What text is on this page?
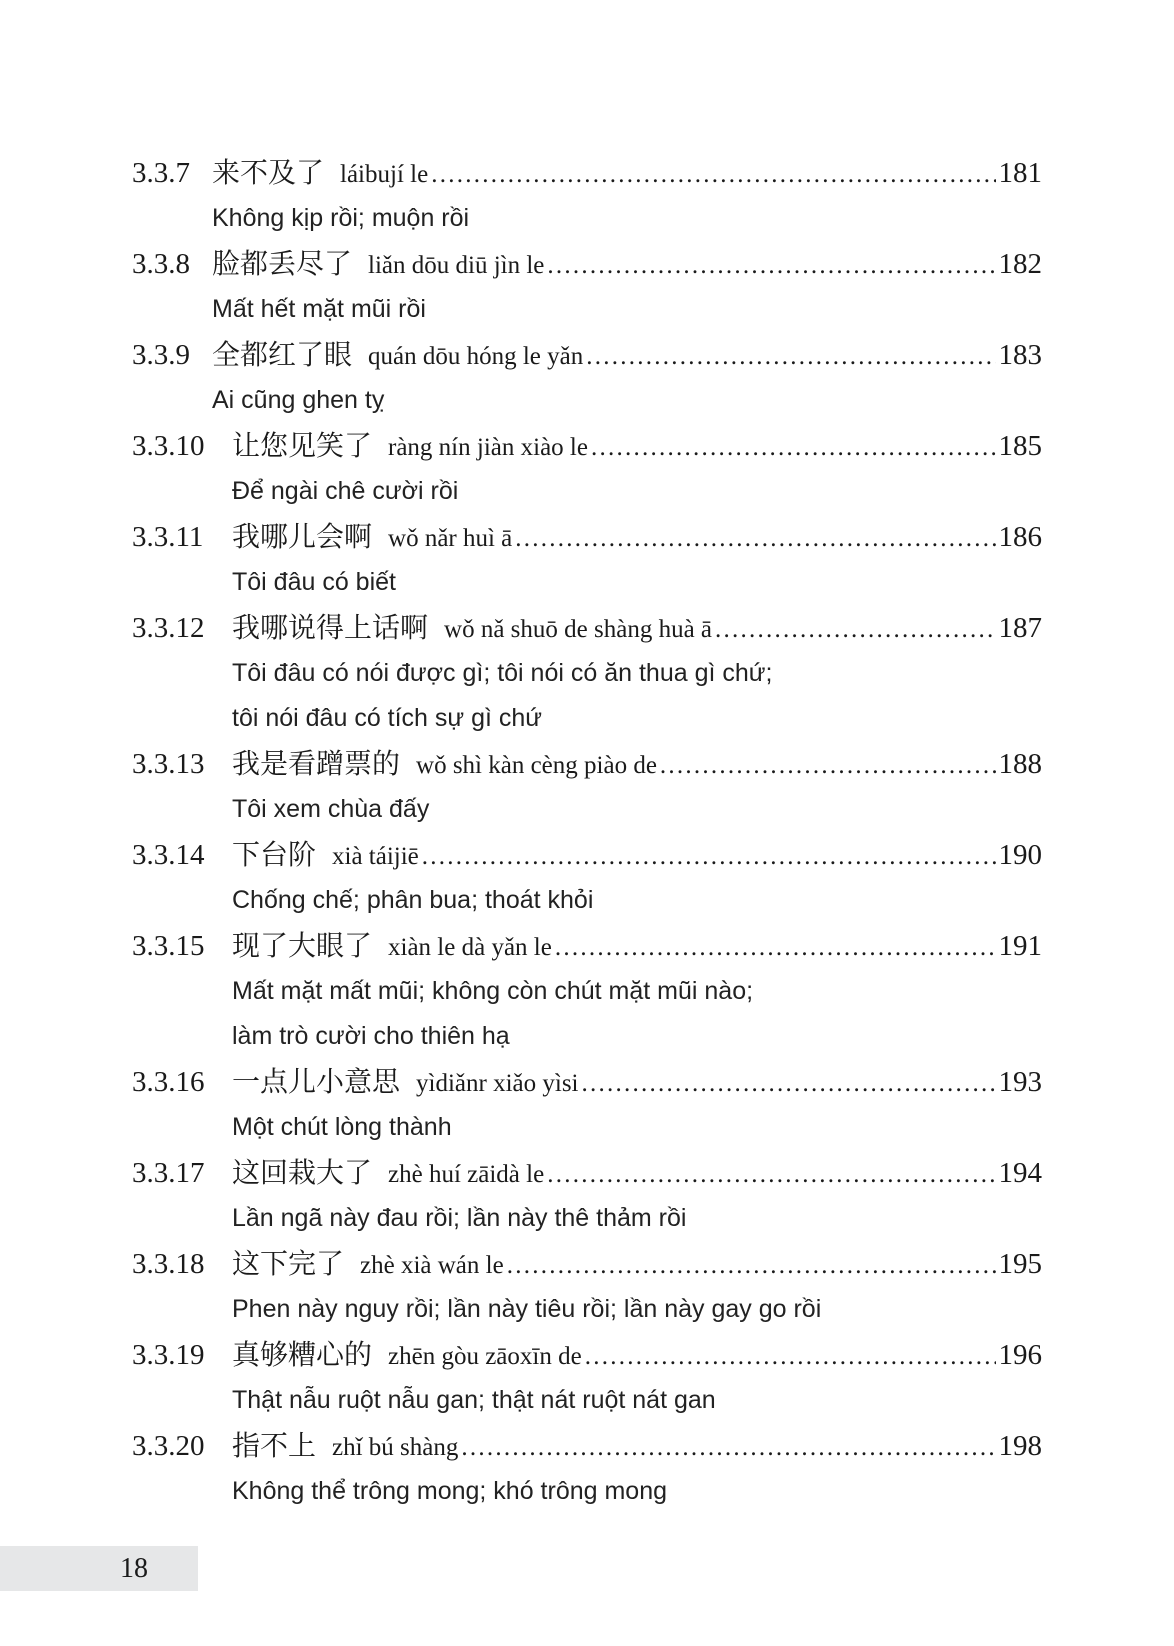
3.3.7 来不及了 láibují le . . .	181
Không kịp rồi; muộn rồi
3.3.8 脸都丢尽了 liǎn dōu diū jìn le . . .	182
Mất hết mặt mũi rồi
3.3.9 全都红了眼 quán dōu hóng le yǎn . . .	183
Ai cũng ghen tỵ
3.3.10 让您见笑了 ràng nín jiàn xiào le . . .	185
Để ngài chê cười rồi
3.3.11	我哪儿会啊 wǒ nǎr huì ā . . .	186
Tôi đâu có biết
3.3.12 我哪说得上话啊 wǒ nǎ shuō de shàng huà ā . . .	187
Tôi đâu có nói được gì; tôi nói có ăn thua gì chứ;
tôi nói đâu có tích sự gì chứ
3.3.13 我是看蹭票的 wǒ shì kàn cèng piào de . . .	188
Tôi xem chùa đấy
3.3.14 下台阶 xià táijiē . . .	190
Chống chế; phân bua; thoát khỏi
3.3.15 现了大眼了 xiàn le dà yǎn le . . .	191
Mất mặt mất mũi; không còn chút mặt mũi nào;
làm trò cười cho thiên hạ
3.3.16 一点儿小意思 yìdiǎnr xiǎo yìsi . . .	193
Một chút lòng thành
3.3.17 这回栽大了 zhè huí zāidà le . . .	194
Lần ngã này đau rồi; lần này thê thảm rồi
3.3.18 这下完了 zhè xià wán le . . .	195
Phen này nguy rồi; lần này tiêu rồi; lần này gay go rồi
3.3.19 真够糟心的 zhēn gòu zāoxīn de . . .	196
Thật nẫu ruột nẫu gan; thật nát ruột nát gan
3.3.20 指不上 zhǐ bú shàng . . .	198
Không thể trông mong; khó trông mong
18
